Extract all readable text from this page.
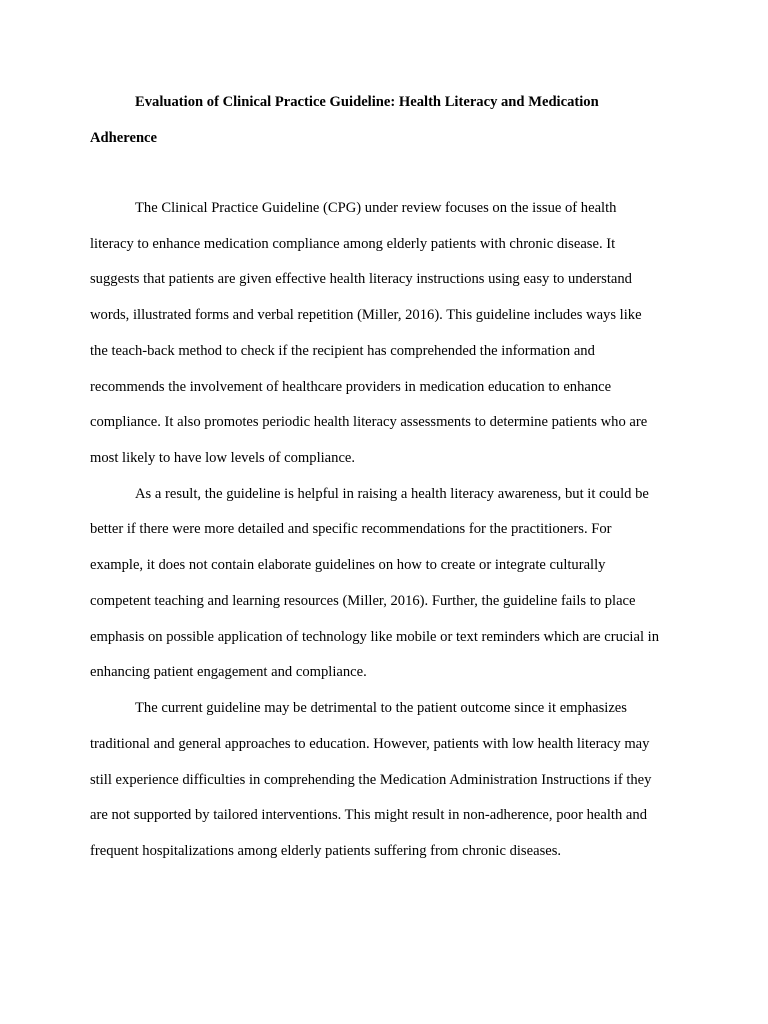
Evaluation of Clinical Practice Guideline: Health Literacy and Medication
Adherence

The Clinical Practice Guideline (CPG) under review focuses on the issue of health
literacy to enhance medication compliance among elderly patients with chronic disease. It
suggests that patients are given effective health literacy instructions using easy to understand
words, illustrated forms and verbal repetition (Miller, 2016). This guideline includes ways like
the teach-back method to check if the recipient has comprehended the information and
recommends the involvement of healthcare providers in medication education to enhance
compliance. It also promotes periodic health literacy assessments to determine patients who are
most likely to have low levels of compliance.

As a result, the guideline is helpful in raising a health literacy awareness, but it could be
better if there were more detailed and specific recommendations for the practitioners. For
example, it does not contain elaborate guidelines on how to create or integrate culturally
competent teaching and learning resources (Miller, 2016). Further, the guideline fails to place
emphasis on possible application of technology like mobile or text reminders which are crucial in
enhancing patient engagement and compliance.

The current guideline may be detrimental to the patient outcome since it emphasizes
traditional and general approaches to education. However, patients with low health literacy may
still experience difficulties in comprehending the Medication Administration Instructions if they
are not supported by tailored interventions. This might result in non-adherence, poor health and
frequent hospitalizations among elderly patients suffering from chronic diseases.
